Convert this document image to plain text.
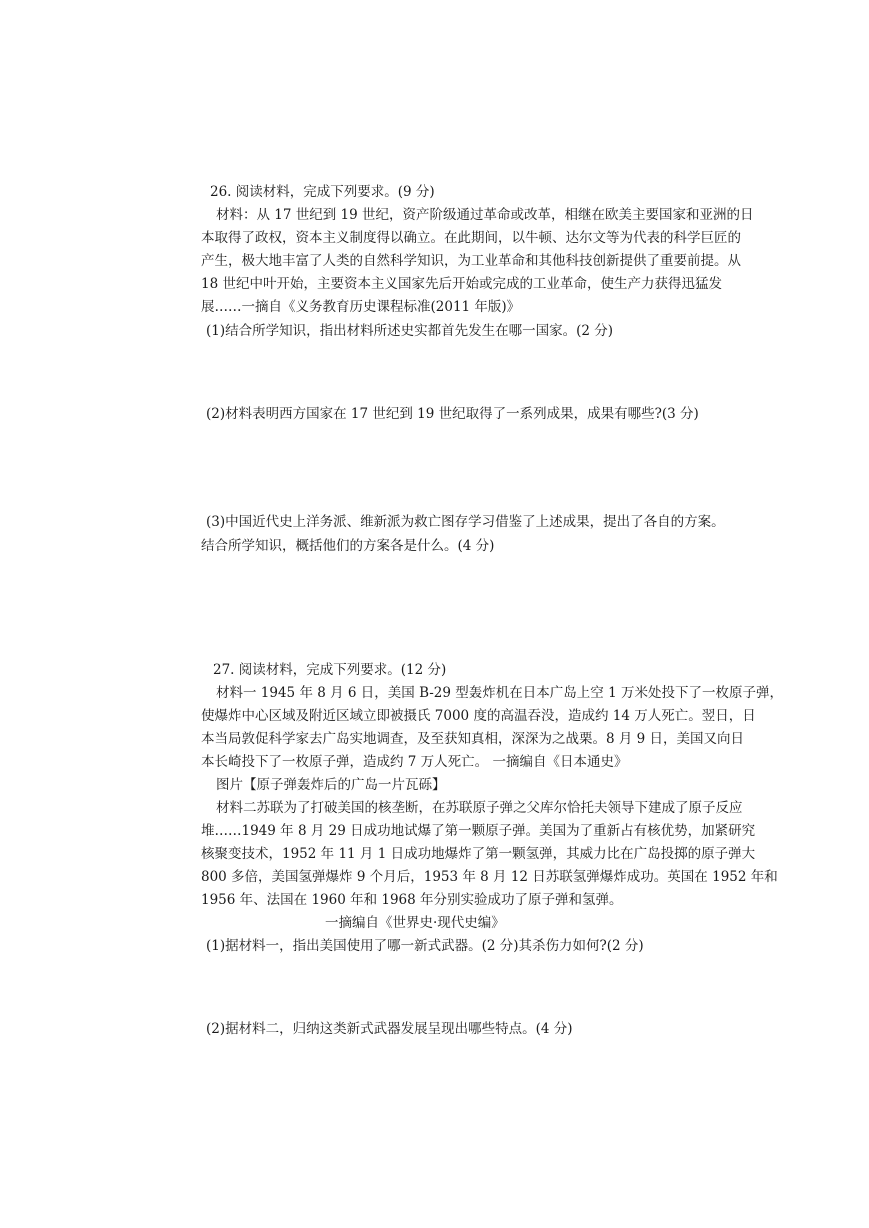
26. 阅读材料，完成下列要求。(9 分)
材料：从 17 世纪到 19 世纪，资产阶级通过革命或改革，相继在欧美主要国家和亚洲的日
本取得了政权，资本主义制度得以确立。在此期间，以牛顿、达尔文等为代表的科学巨匠的
产生，极大地丰富了人类的自然科学知识，为工业革命和其他科技创新提供了重要前提。从
18 世纪中叶开始，主要资本主义国家先后开始或完成的工业革命，使生产力获得迅猛发
展……一摘自《义务教育历史课程标准(2011 年版)》
(1)结合所学知识，指出材料所述史实都首先发生在哪一国家。(2 分)
(2)材料表明西方国家在 17 世纪到 19 世纪取得了一系列成果，成果有哪些?(3 分)
(3)中国近代史上洋务派、维新派为救亡图存学习借鉴了上述成果，提出了各自的方案。
结合所学知识，概括他们的方案各是什么。(4 分)
27. 阅读材料，完成下列要求。(12 分)
材料一 1945 年 8 月 6 日，美国 B-29 型轰炸机在日本广岛上空 1 万米处投下了一枚原子弹，
使爆炸中心区域及附近区域立即被摄氏 7000 度的高温吞没，造成约 14 万人死亡。翌日，日
本当局敦促科学家去广岛实地调查，及至获知真相，深深为之战栗。8 月 9 日，美国又向日
本长崎投下了一枚原子弹，造成约 7 万人死亡。 一摘编自《日本通史》
图片【原子弹轰炸后的广岛一片瓦砾】
材料二苏联为了打破美国的核垄断，在苏联原子弹之父库尔恰托夫领导下建成了原子反应
堆……1949 年 8 月 29 日成功地试爆了第一颗原子弹。美国为了重新占有核优势，加紧研究
核聚变技术，1952 年 11 月 1 日成功地爆炸了第一颗氢弹，其威力比在广岛投掷的原子弹大
800 多倍，美国氢弹爆炸 9 个月后，1953 年 8 月 12 日苏联氢弹爆炸成功。英国在 1952 年和
1956 年、法国在 1960 年和 1968 年分别实验成功了原子弹和氢弹。
一摘编自《世界史·现代史编》
(1)据材料一，指出美国使用了哪一新式武器。(2 分)其杀伤力如何?(2 分)
(2)据材料二，归纳这类新式武器发展呈现出哪些特点。(4 分)
